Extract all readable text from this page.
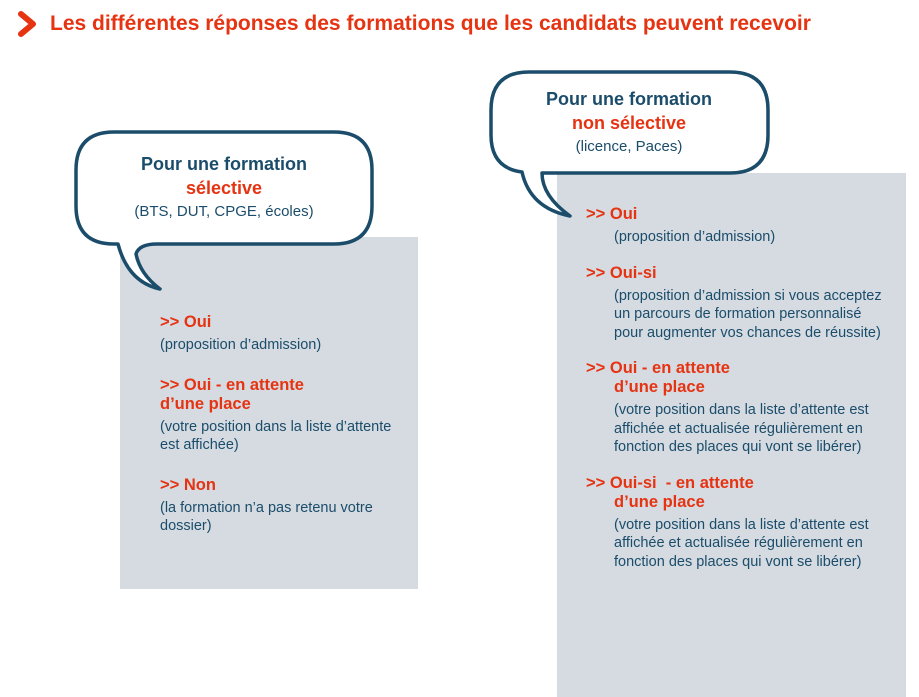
Les différentes réponses des formations que les candidats peuvent recevoir
Pour une formation
sélective
(BTS, DUT, CPGE, écoles)
Pour une formation
non sélective
(licence, Paces)
>> Oui
(proposition d’admission)
>> Oui - en attente
d’une place
(votre position dans la liste d’attente est affichée)
>> Non
(la formation n’a pas retenu votre dossier)
>> Oui
(proposition d’admission)
>> Oui-si
(proposition d’admission si vous acceptez un parcours de formation personnalisé pour augmenter vos chances de réussite)
>> Oui - en attente
d’une place
(votre position dans la liste d’attente est affichée et actualisée régulièrement en fonction des places qui vont se libérer)
>> Oui-si  - en attente
d’une place
(votre position dans la liste d’attente est affichée et actualisée régulièrement en fonction des places qui vont se libérer)
